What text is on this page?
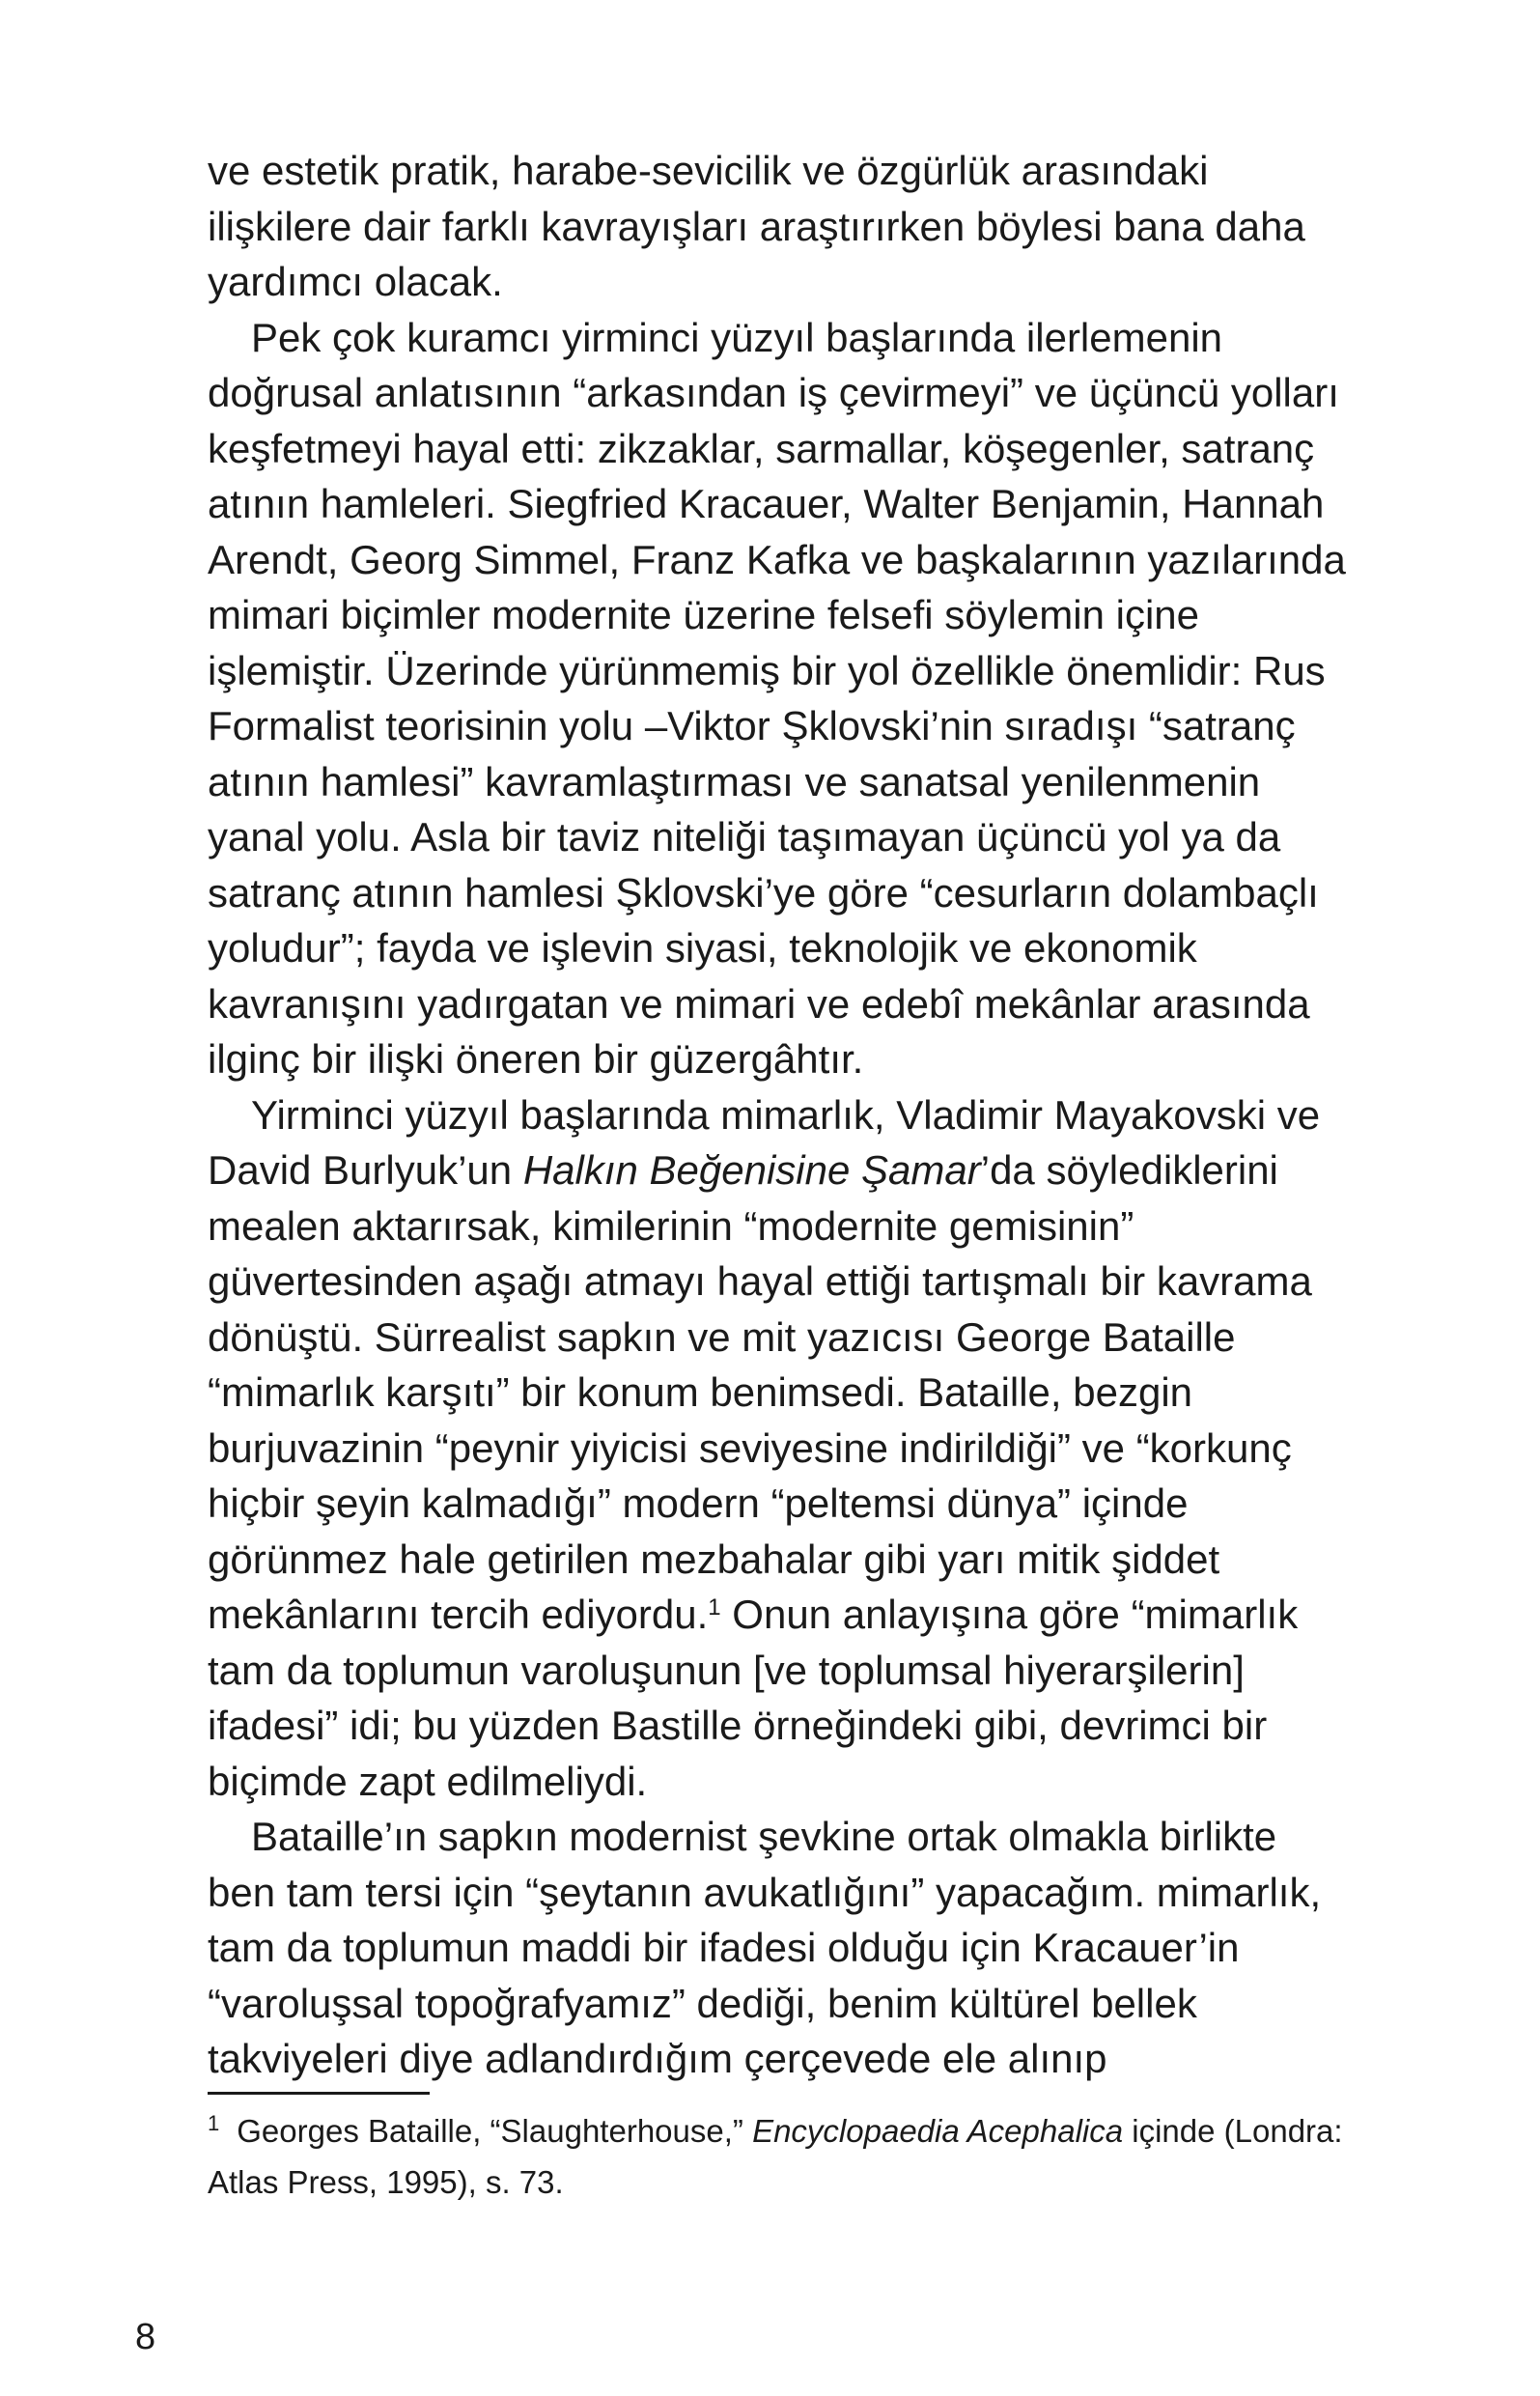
ve estetik pratik, harabe-sevicilik ve özgürlük arasındaki ilişkilere dair farklı kavrayışları araştırırken böylesi bana daha yardımcı olacak.

Pek çok kuramcı yirminci yüzyıl başlarında ilerlemenin doğrusal anlatısının “arkasından iş çevirmeyi” ve üçüncü yolları keşfetmeyi hayal etti: zikzaklar, sarmallar, köşegenler, satranç atının hamleleri. Siegfried Kracauer, Walter Benjamin, Hannah Arendt, Georg Simmel, Franz Kafka ve başkalarının yazılarında mimari biçimler modernite üzerine felsefi söylemin içine işlemiştir. Üzerinde yürünmemiş bir yol özellikle önemlidir: Rus Formalist teorisinin yolu –Viktor Şklovski’nin sıradışı “satranç atının hamlesi” kavramlaştırması ve sanatsal yenilenmenin yanal yolu. Asla bir taviz niteliği taşımayan üçüncü yol ya da satranç atının hamlesi Şklovski’ye göre “cesurların dolambaçlı yoludur”; fayda ve işlevin siyasi, teknolojik ve ekonomik kavranışını yadırgatan ve mimari ve edebî mekânlar arasında ilginç bir ilişki öneren bir güzergâhtır.

Yirminci yüzyıl başlarında mimarlık, Vladimir Mayakovski ve David Burlyuk’un Halkın Beğenisine Şamar’da söylediklerini mealen aktarırsak, kimilerinin “modernite gemisinin” güvertesinden aşağı atmayı hayal ettiği tartışmalı bir kavrama dönüştü. Sürrealist sapkın ve mit yazıcısı George Bataille “mimarlık karşıtı” bir konum benimsedi. Bataille, bezgin burjuvazinin “peynir yiyicisi seviyesine indirildiği” ve “korkunç hiçbir şeyin kalmadığı” modern “peltemsi dünya” içinde görünmez hale getirilen mezbahalar gibi yarı mitik şiddet mekânlarını tercih ediyordu.$^1$ Onun anlayışına göre “mimarlık tam da toplumun varoluşunun [ve toplumsal hiyerarşilerin] ifadesi” idi; bu yüzden Bastille örneğindeki gibi, devrimci bir biçimde zapt edilmeliydi.

Bataille’ın sapkın modernist şevkine ortak olmakla birlikte ben tam tersi için “şeytanın avukatlığını” yapacağım. mimarlık, tam da toplumun maddi bir ifadesi olduğu için Kracauer’in “varoluşsal topoğrafyamız” dediği, benim kültürel bellek takviyeleri diye adlandırdığım çerçevede ele alınıp

$^1$ Georges Bataille, “Slaughterhouse,” Encyclopaedia Acephalica içinde (Londra: Atlas Press, 1995), s. 73.
8
